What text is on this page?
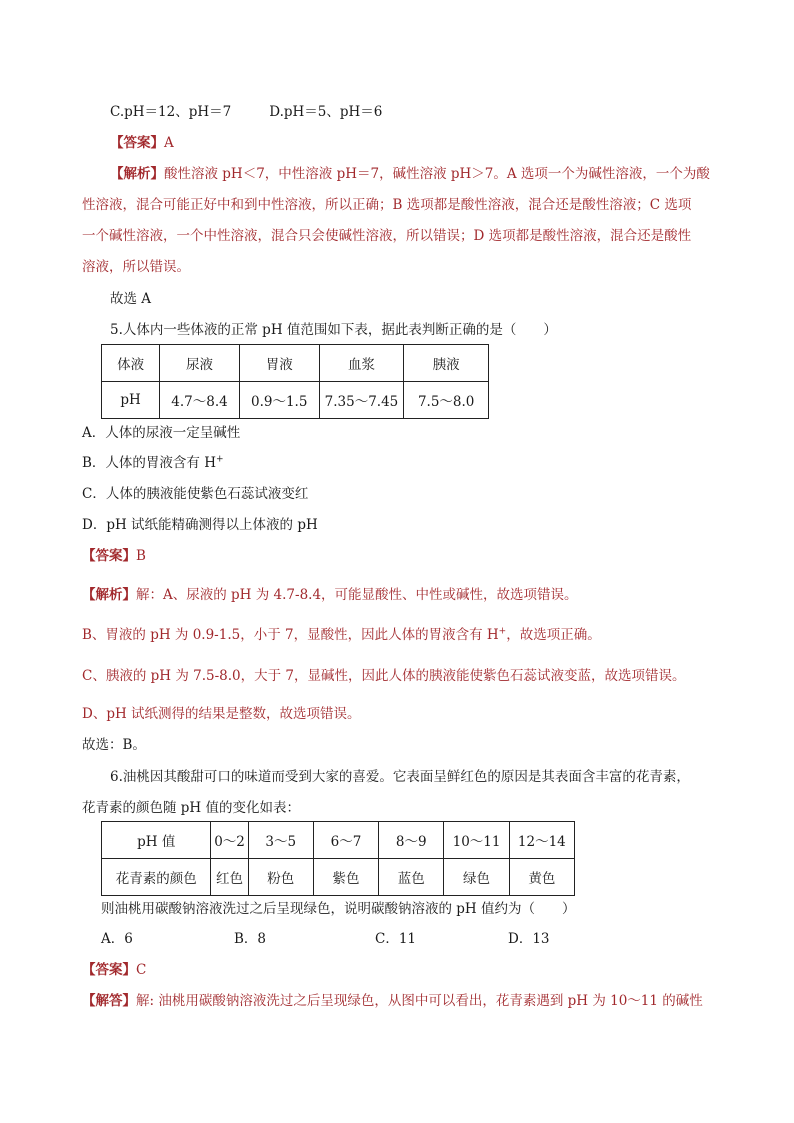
C.pH＝12、pH＝7	D.pH＝5、pH＝6
【答案】A
【解析】酸性溶液 pH＜7，中性溶液 pH＝7，碱性溶液 pH＞7。A 选项一个为碱性溶液，一个为酸
性溶液，混合可能正好中和到中性溶液，所以正确；B 选项都是酸性溶液，混合还是酸性溶液；C 选项
一个碱性溶液，一个中性溶液，混合只会使碱性溶液，所以错误；D 选项都是酸性溶液，混合还是酸性
溶液，所以错误。
故选 A
5.人体内一些体液的正常 pH 值范围如下表，据此表判断正确的是（　　）
体液	尿液	胃液	血浆	胰液
pH	4.7～8.4	0.9～1.5	7.35～7.45	7.5～8.0
A．人体的尿液一定呈碱性
B．人体的胃液含有 H+
C．人体的胰液能使紫色石蕊试液变红
D．pH 试纸能精确测得以上体液的 pH
【答案】B
【解析】解：A、尿液的 pH 为 4.7-8.4，可能显酸性、中性或碱性，故选项错误。
B、胃液的 pH 为 0.9-1.5，小于 7，显酸性，因此人体的胃液含有 H+，故选项正确。
C、胰液的 pH 为 7.5-8.0，大于 7，显碱性，因此人体的胰液能使紫色石蕊试液变蓝，故选项错误。
D、pH 试纸测得的结果是整数，故选项错误。
故选：B。
6.油桃因其酸甜可口的味道而受到大家的喜爱。它表面呈鲜红色的原因是其表面含丰富的花青素，
花青素的颜色随 pH 值的变化如表：
pH 值	0～2	3～5	6～7	8～9	10～11	12～14
花青素的颜色	红色	粉色	紫色	蓝色	绿色	黄色
则油桃用碳酸钠溶液洗过之后呈现绿色，说明碳酸钠溶液的 pH 值约为（　　）
A．6	B．8	C．11	D．13
【答案】C
【解答】解: 油桃用碳酸钠溶液洗过之后呈现绿色，从图中可以看出，花青素遇到 pH 为 10～11 的碱性
